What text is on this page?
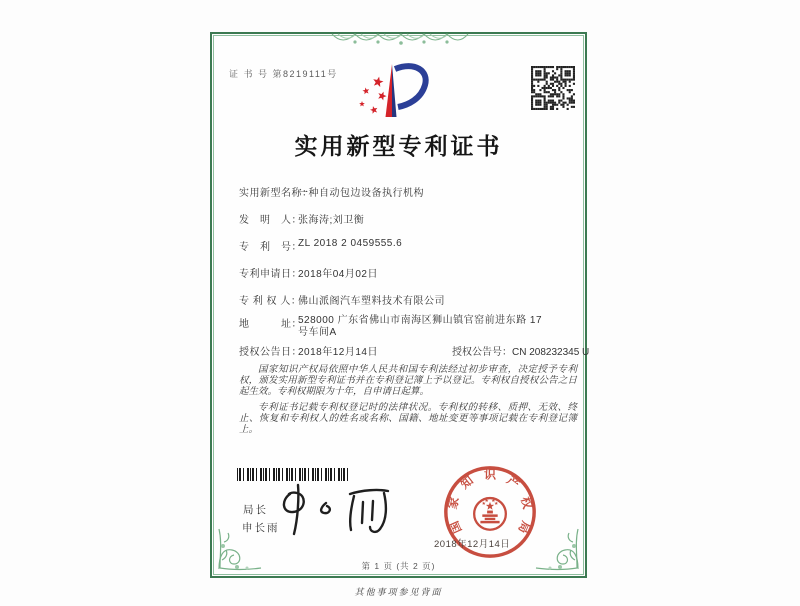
证 书 号 第8219111号
实用新型专利证书
实用新型名称：一种自动包边设备执行机构
发　明　人：张海涛;刘卫衡
专　利　号：ZL 2018 2 0459555.6
专利申请日：2018年04月02日
专 利 权 人：佛山派阁汽车塑料技术有限公司
地　　　址：528000 广东省佛山市南海区狮山镇官窑前进东路 17 号车间A
授权公告日：2018年12月14日	授权公告号：CN 208232345 U

国家知识产权局依照中华人民共和国专利法经过初步审查，决定授予专利权，颁发实用新型专利证书并在专利登记簿上予以登记。专利权自授权公告之日起生效。专利权期限为十年，自申请日起算。

专利证书记载专利权登记时的法律状况。专利权的转移、质押、无效、终止、恢复和专利权人的姓名或名称、国籍、地址变更等事项记载在专利登记簿上。

局长
申长雨	国
家
知 识 产
权
局
2018年12月14日
第 1 页 (共 2 页)
其他事项参见背面
